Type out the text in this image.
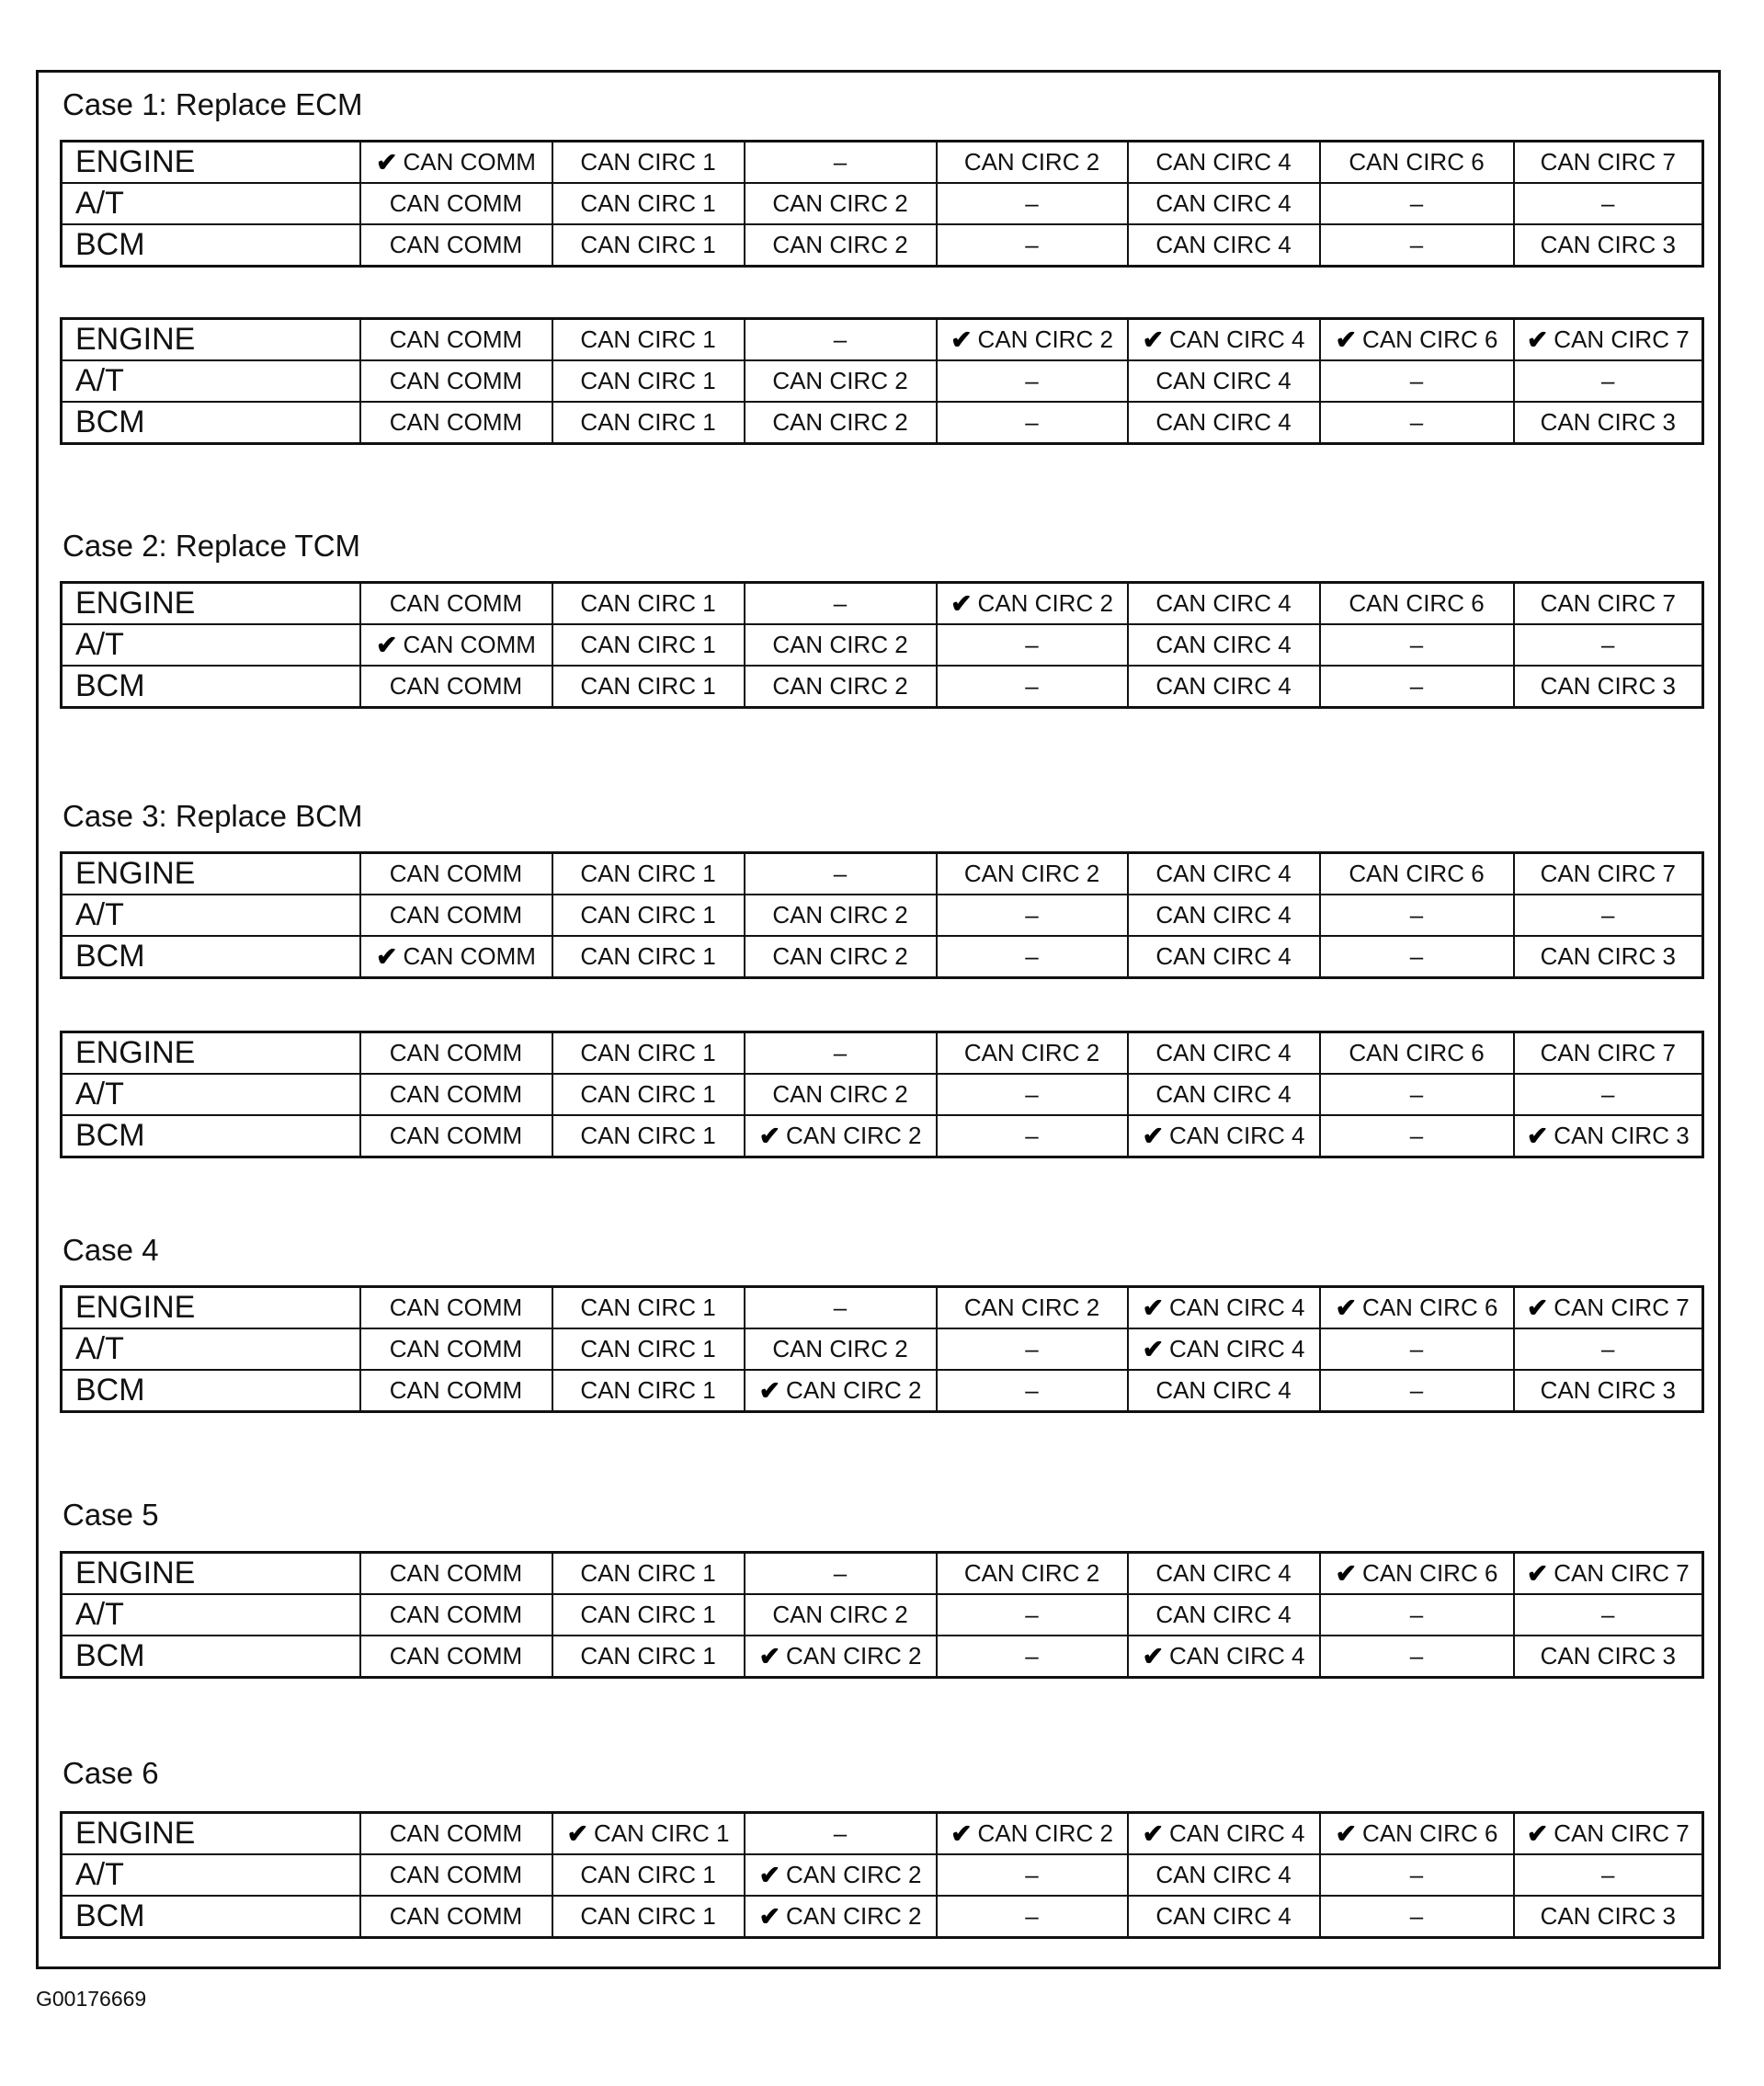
Case 1: Replace ECM
ENGINE	✔ CAN COMM	CAN CIRC 1	–	CAN CIRC 2	CAN CIRC 4	CAN CIRC 6	CAN CIRC 7
A/T	CAN COMM	CAN CIRC 1	CAN CIRC 2	–	CAN CIRC 4	–	–
BCM	CAN COMM	CAN CIRC 1	CAN CIRC 2	–	CAN CIRC 4	–	CAN CIRC 3
ENGINE	CAN COMM	CAN CIRC 1	–	✔ CAN CIRC 2	✔ CAN CIRC 4	✔ CAN CIRC 6	✔ CAN CIRC 7
A/T	CAN COMM	CAN CIRC 1	CAN CIRC 2	–	CAN CIRC 4	–	–
BCM	CAN COMM	CAN CIRC 1	CAN CIRC 2	–	CAN CIRC 4	–	CAN CIRC 3
Case 2: Replace TCM
ENGINE	CAN COMM	CAN CIRC 1	–	✔ CAN CIRC 2	CAN CIRC 4	CAN CIRC 6	CAN CIRC 7
A/T	✔ CAN COMM	CAN CIRC 1	CAN CIRC 2	–	CAN CIRC 4	–	–
BCM	CAN COMM	CAN CIRC 1	CAN CIRC 2	–	CAN CIRC 4	–	CAN CIRC 3
Case 3: Replace BCM
ENGINE	CAN COMM	CAN CIRC 1	–	CAN CIRC 2	CAN CIRC 4	CAN CIRC 6	CAN CIRC 7
A/T	CAN COMM	CAN CIRC 1	CAN CIRC 2	–	CAN CIRC 4	–	–
BCM	✔ CAN COMM	CAN CIRC 1	CAN CIRC 2	–	CAN CIRC 4	–	CAN CIRC 3
ENGINE	CAN COMM	CAN CIRC 1	–	CAN CIRC 2	CAN CIRC 4	CAN CIRC 6	CAN CIRC 7
A/T	CAN COMM	CAN CIRC 1	CAN CIRC 2	–	CAN CIRC 4	–	–
BCM	CAN COMM	CAN CIRC 1	✔ CAN CIRC 2	–	✔ CAN CIRC 4	–	✔ CAN CIRC 3
Case 4
ENGINE	CAN COMM	CAN CIRC 1	–	CAN CIRC 2	✔ CAN CIRC 4	✔ CAN CIRC 6	✔ CAN CIRC 7
A/T	CAN COMM	CAN CIRC 1	CAN CIRC 2	–	✔ CAN CIRC 4	–	–
BCM	CAN COMM	CAN CIRC 1	✔ CAN CIRC 2	–	CAN CIRC 4	–	CAN CIRC 3
Case 5
ENGINE	CAN COMM	CAN CIRC 1	–	CAN CIRC 2	CAN CIRC 4	✔ CAN CIRC 6	✔ CAN CIRC 7
A/T	CAN COMM	CAN CIRC 1	CAN CIRC 2	–	CAN CIRC 4	–	–
BCM	CAN COMM	CAN CIRC 1	✔ CAN CIRC 2	–	✔ CAN CIRC 4	–	CAN CIRC 3
Case 6
ENGINE	CAN COMM	✔ CAN CIRC 1	–	✔ CAN CIRC 2	✔ CAN CIRC 4	✔ CAN CIRC 6	✔ CAN CIRC 7
A/T	CAN COMM	CAN CIRC 1	✔ CAN CIRC 2	–	CAN CIRC 4	–	–
BCM	CAN COMM	CAN CIRC 1	✔ CAN CIRC 2	–	CAN CIRC 4	–	CAN CIRC 3
G00176669
